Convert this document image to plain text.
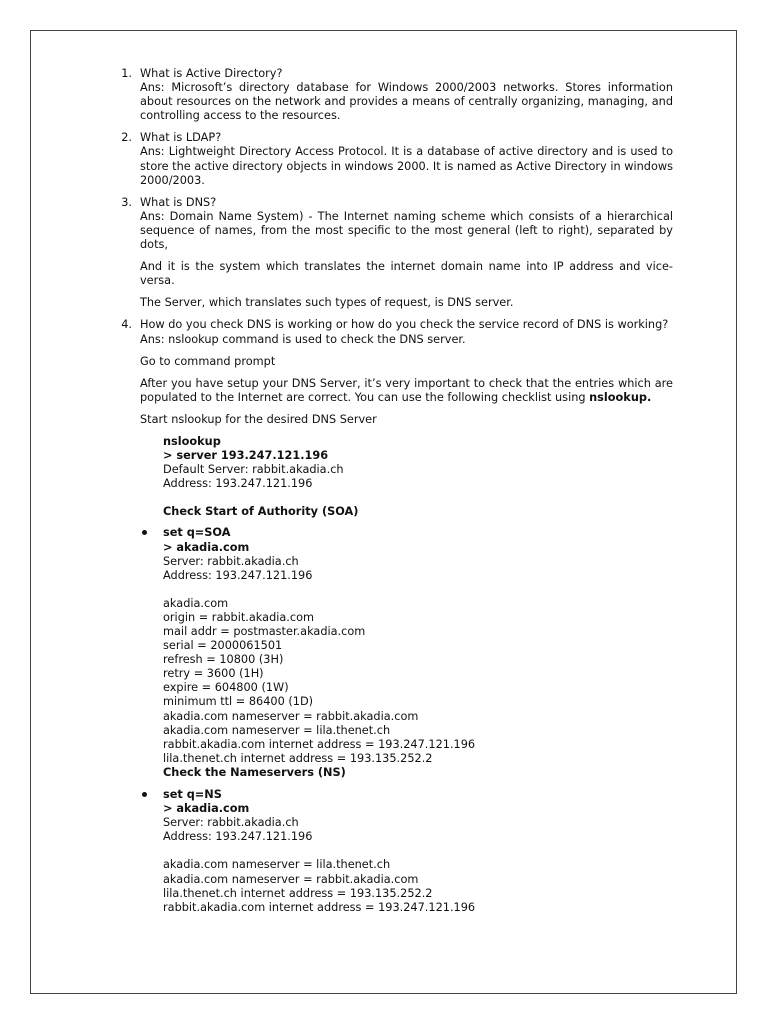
1. What is Active Directory?

Ans: Microsoft’s directory database for Windows 2000/2003 networks. Stores information about resources on the network and provides a means of centrally organizing, managing, and controlling access to the resources.

2. What is LDAP?

Ans: Lightweight Directory Access Protocol. It is a database of active directory and is used to store the active directory objects in windows 2000. It is named as Active Directory in windows 2000/2003.

3. What is DNS?

Ans: Domain Name System) - The Internet naming scheme which consists of a hierarchical sequence of names, from the most specific to the most general (left to right), separated by dots,

And it is the system which translates the internet domain name into IP address and vice-versa.

The Server, which translates such types of request, is DNS server.

4. How do you check DNS is working or how do you check the service record of DNS is working?

Ans: nslookup command is used to check the DNS server.

Go to command prompt

After you have setup your DNS Server, it’s very important to check that the entries which are populated to the Internet are correct. You can use the following checklist using nslookup.

Start nslookup for the desired DNS Server

nslookup
> server 193.247.121.196
Default Server: rabbit.akadia.ch
Address: 193.247.121.196
Check Start of Authority (SOA)
set q=SOA
> akadia.com
Server: rabbit.akadia.ch
Address: 193.247.121.196
akadia.com
origin = rabbit.akadia.com
mail addr = postmaster.akadia.com
serial = 2000061501
refresh = 10800 (3H)
retry = 3600 (1H)
expire = 604800 (1W)
minimum ttl = 86400 (1D)
akadia.com nameserver = rabbit.akadia.com
akadia.com nameserver = lila.thenet.ch
rabbit.akadia.com internet address = 193.247.121.196
lila.thenet.ch internet address = 193.135.252.2
Check the Nameservers (NS)
set q=NS
> akadia.com
Server: rabbit.akadia.ch
Address: 193.247.121.196
akadia.com nameserver = lila.thenet.ch
akadia.com nameserver = rabbit.akadia.com
lila.thenet.ch internet address = 193.135.252.2
rabbit.akadia.com internet address = 193.247.121.196
